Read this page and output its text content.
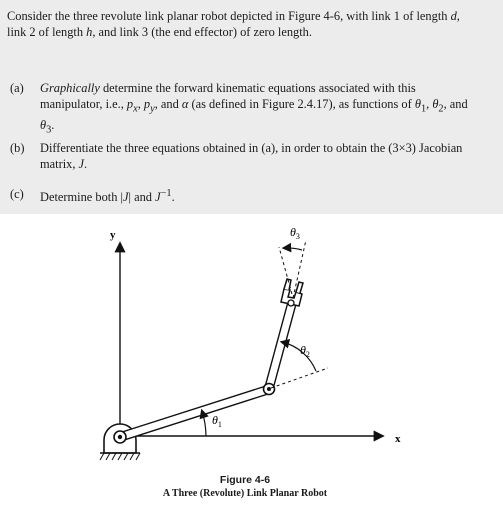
Consider the three revolute link planar robot depicted in Figure 4-6, with link 1 of length d, link 2 of length h, and link 3 (the end effector) of zero length.
(a) Graphically determine the forward kinematic equations associated with this manipulator, i.e., $p_x$, $p_y$, and α (as defined in Figure 2.4.17), as functions of $\theta_1$, $\theta_2$, and $\theta_3$.
(b) Differentiate the three equations obtained in (a), in order to obtain the (3×3) Jacobian matrix, J.
(c) Determine both |J| and $J^{-1}$.
y
x
$\theta_1$
$\theta_2$
$\theta_3$
Figure 4-6
A Three (Revolute) Link Planar Robot
